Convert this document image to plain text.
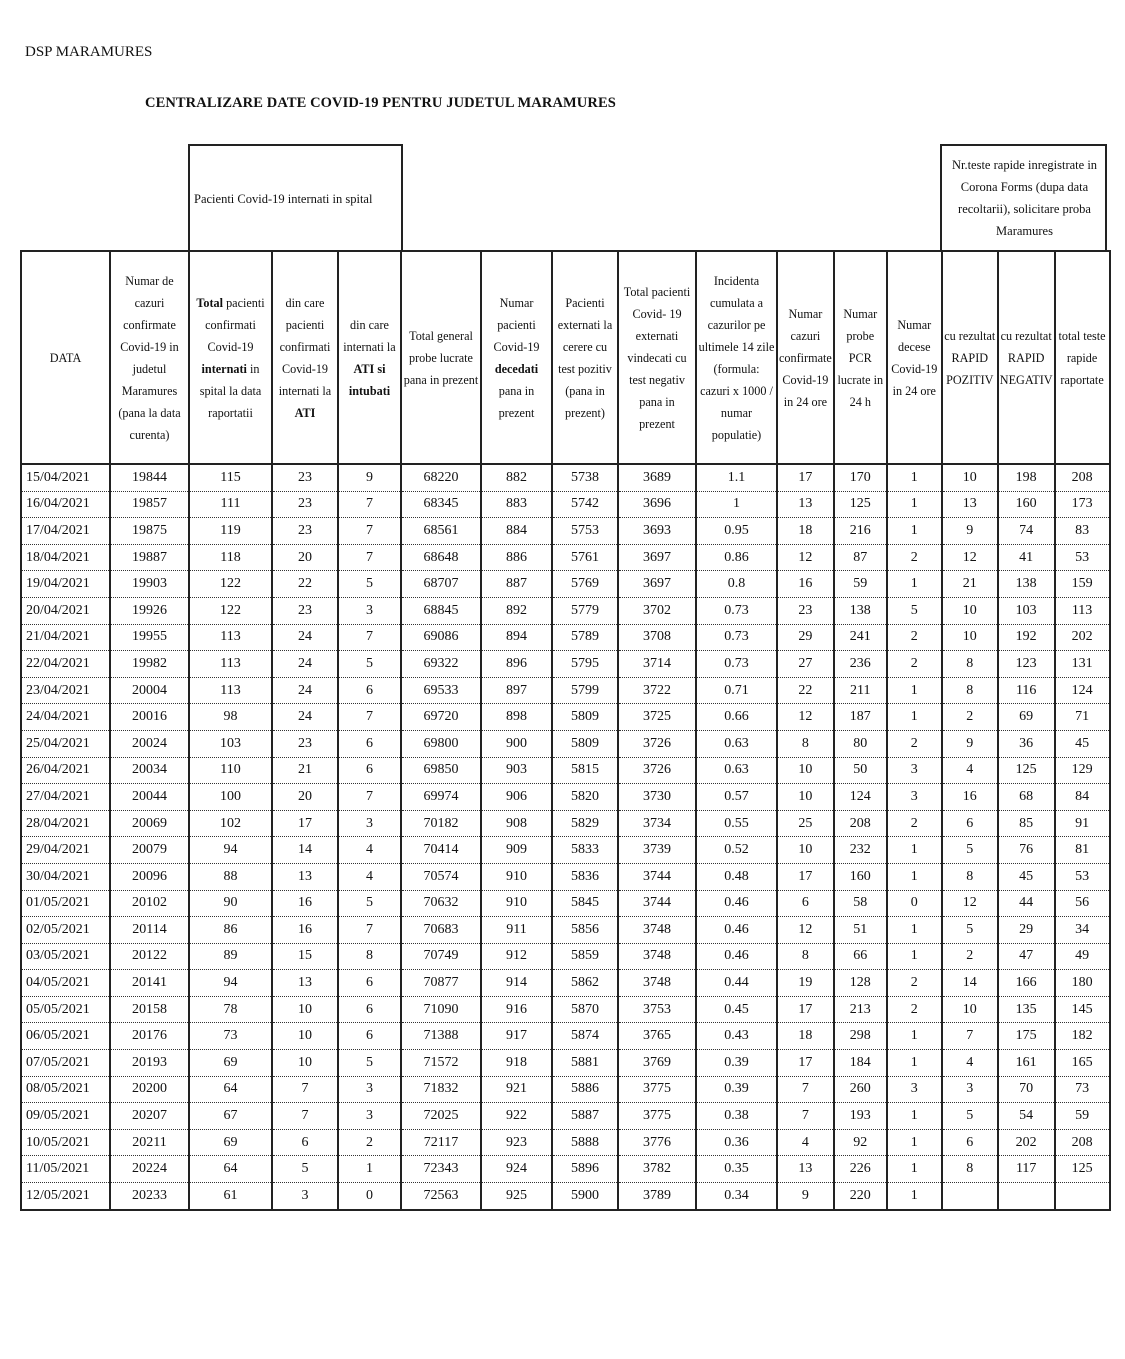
DSP MARAMURES
CENTRALIZARE DATE COVID-19 PENTRU JUDETUL MARAMURES
Pacienti Covid-19 internati in spital
Nr.teste rapide inregistrate in Corona Forms (dupa data recoltarii), solicitare proba Maramures
DATA	Numar de cazuri confirmate Covid-19 in judetul Maramures (pana la data curenta)	Total pacienti confirmati Covid-19 internati in spital la data raportatii	din care pacienti confirmati Covid-19 internati la ATI	din care internati la ATI si intubati	Total general probe lucrate pana in prezent	Numar pacienti Covid-19 decedati pana in prezent	Pacienti externati la cerere cu test pozitiv (pana in prezent)	Total pacienti Covid- 19 externati vindecati cu test negativ pana in prezent	Incidenta cumulata a cazurilor pe ultimele 14 zile (formula: cazuri x 1000 / numar populatie)	Numar cazuri confirmate Covid-19 in 24 ore	Numar probe PCR lucrate in 24 h	Numar decese Covid-19 in 24 ore	cu rezultat RAPID POZITIV	cu rezultat RAPID NEGATIV	total teste rapide raportate
15/04/2021	19844	115	23	9	68220	882	5738	3689	1.1	17	170	1	10	198	208
16/04/2021	19857	111	23	7	68345	883	5742	3696	1	13	125	1	13	160	173
17/04/2021	19875	119	23	7	68561	884	5753	3693	0.95	18	216	1	9	74	83
18/04/2021	19887	118	20	7	68648	886	5761	3697	0.86	12	87	2	12	41	53
19/04/2021	19903	122	22	5	68707	887	5769	3697	0.8	16	59	1	21	138	159
20/04/2021	19926	122	23	3	68845	892	5779	3702	0.73	23	138	5	10	103	113
21/04/2021	19955	113	24	7	69086	894	5789	3708	0.73	29	241	2	10	192	202
22/04/2021	19982	113	24	5	69322	896	5795	3714	0.73	27	236	2	8	123	131
23/04/2021	20004	113	24	6	69533	897	5799	3722	0.71	22	211	1	8	116	124
24/04/2021	20016	98	24	7	69720	898	5809	3725	0.66	12	187	1	2	69	71
25/04/2021	20024	103	23	6	69800	900	5809	3726	0.63	8	80	2	9	36	45
26/04/2021	20034	110	21	6	69850	903	5815	3726	0.63	10	50	3	4	125	129
27/04/2021	20044	100	20	7	69974	906	5820	3730	0.57	10	124	3	16	68	84
28/04/2021	20069	102	17	3	70182	908	5829	3734	0.55	25	208	2	6	85	91
29/04/2021	20079	94	14	4	70414	909	5833	3739	0.52	10	232	1	5	76	81
30/04/2021	20096	88	13	4	70574	910	5836	3744	0.48	17	160	1	8	45	53
01/05/2021	20102	90	16	5	70632	910	5845	3744	0.46	6	58	0	12	44	56
02/05/2021	20114	86	16	7	70683	911	5856	3748	0.46	12	51	1	5	29	34
03/05/2021	20122	89	15	8	70749	912	5859	3748	0.46	8	66	1	2	47	49
04/05/2021	20141	94	13	6	70877	914	5862	3748	0.44	19	128	2	14	166	180
05/05/2021	20158	78	10	6	71090	916	5870	3753	0.45	17	213	2	10	135	145
06/05/2021	20176	73	10	6	71388	917	5874	3765	0.43	18	298	1	7	175	182
07/05/2021	20193	69	10	5	71572	918	5881	3769	0.39	17	184	1	4	161	165
08/05/2021	20200	64	7	3	71832	921	5886	3775	0.39	7	260	3	3	70	73
09/05/2021	20207	67	7	3	72025	922	5887	3775	0.38	7	193	1	5	54	59
10/05/2021	20211	69	6	2	72117	923	5888	3776	0.36	4	92	1	6	202	208
11/05/2021	20224	64	5	1	72343	924	5896	3782	0.35	13	226	1	8	117	125
12/05/2021	20233	61	3	0	72563	925	5900	3789	0.34	9	220	1			
